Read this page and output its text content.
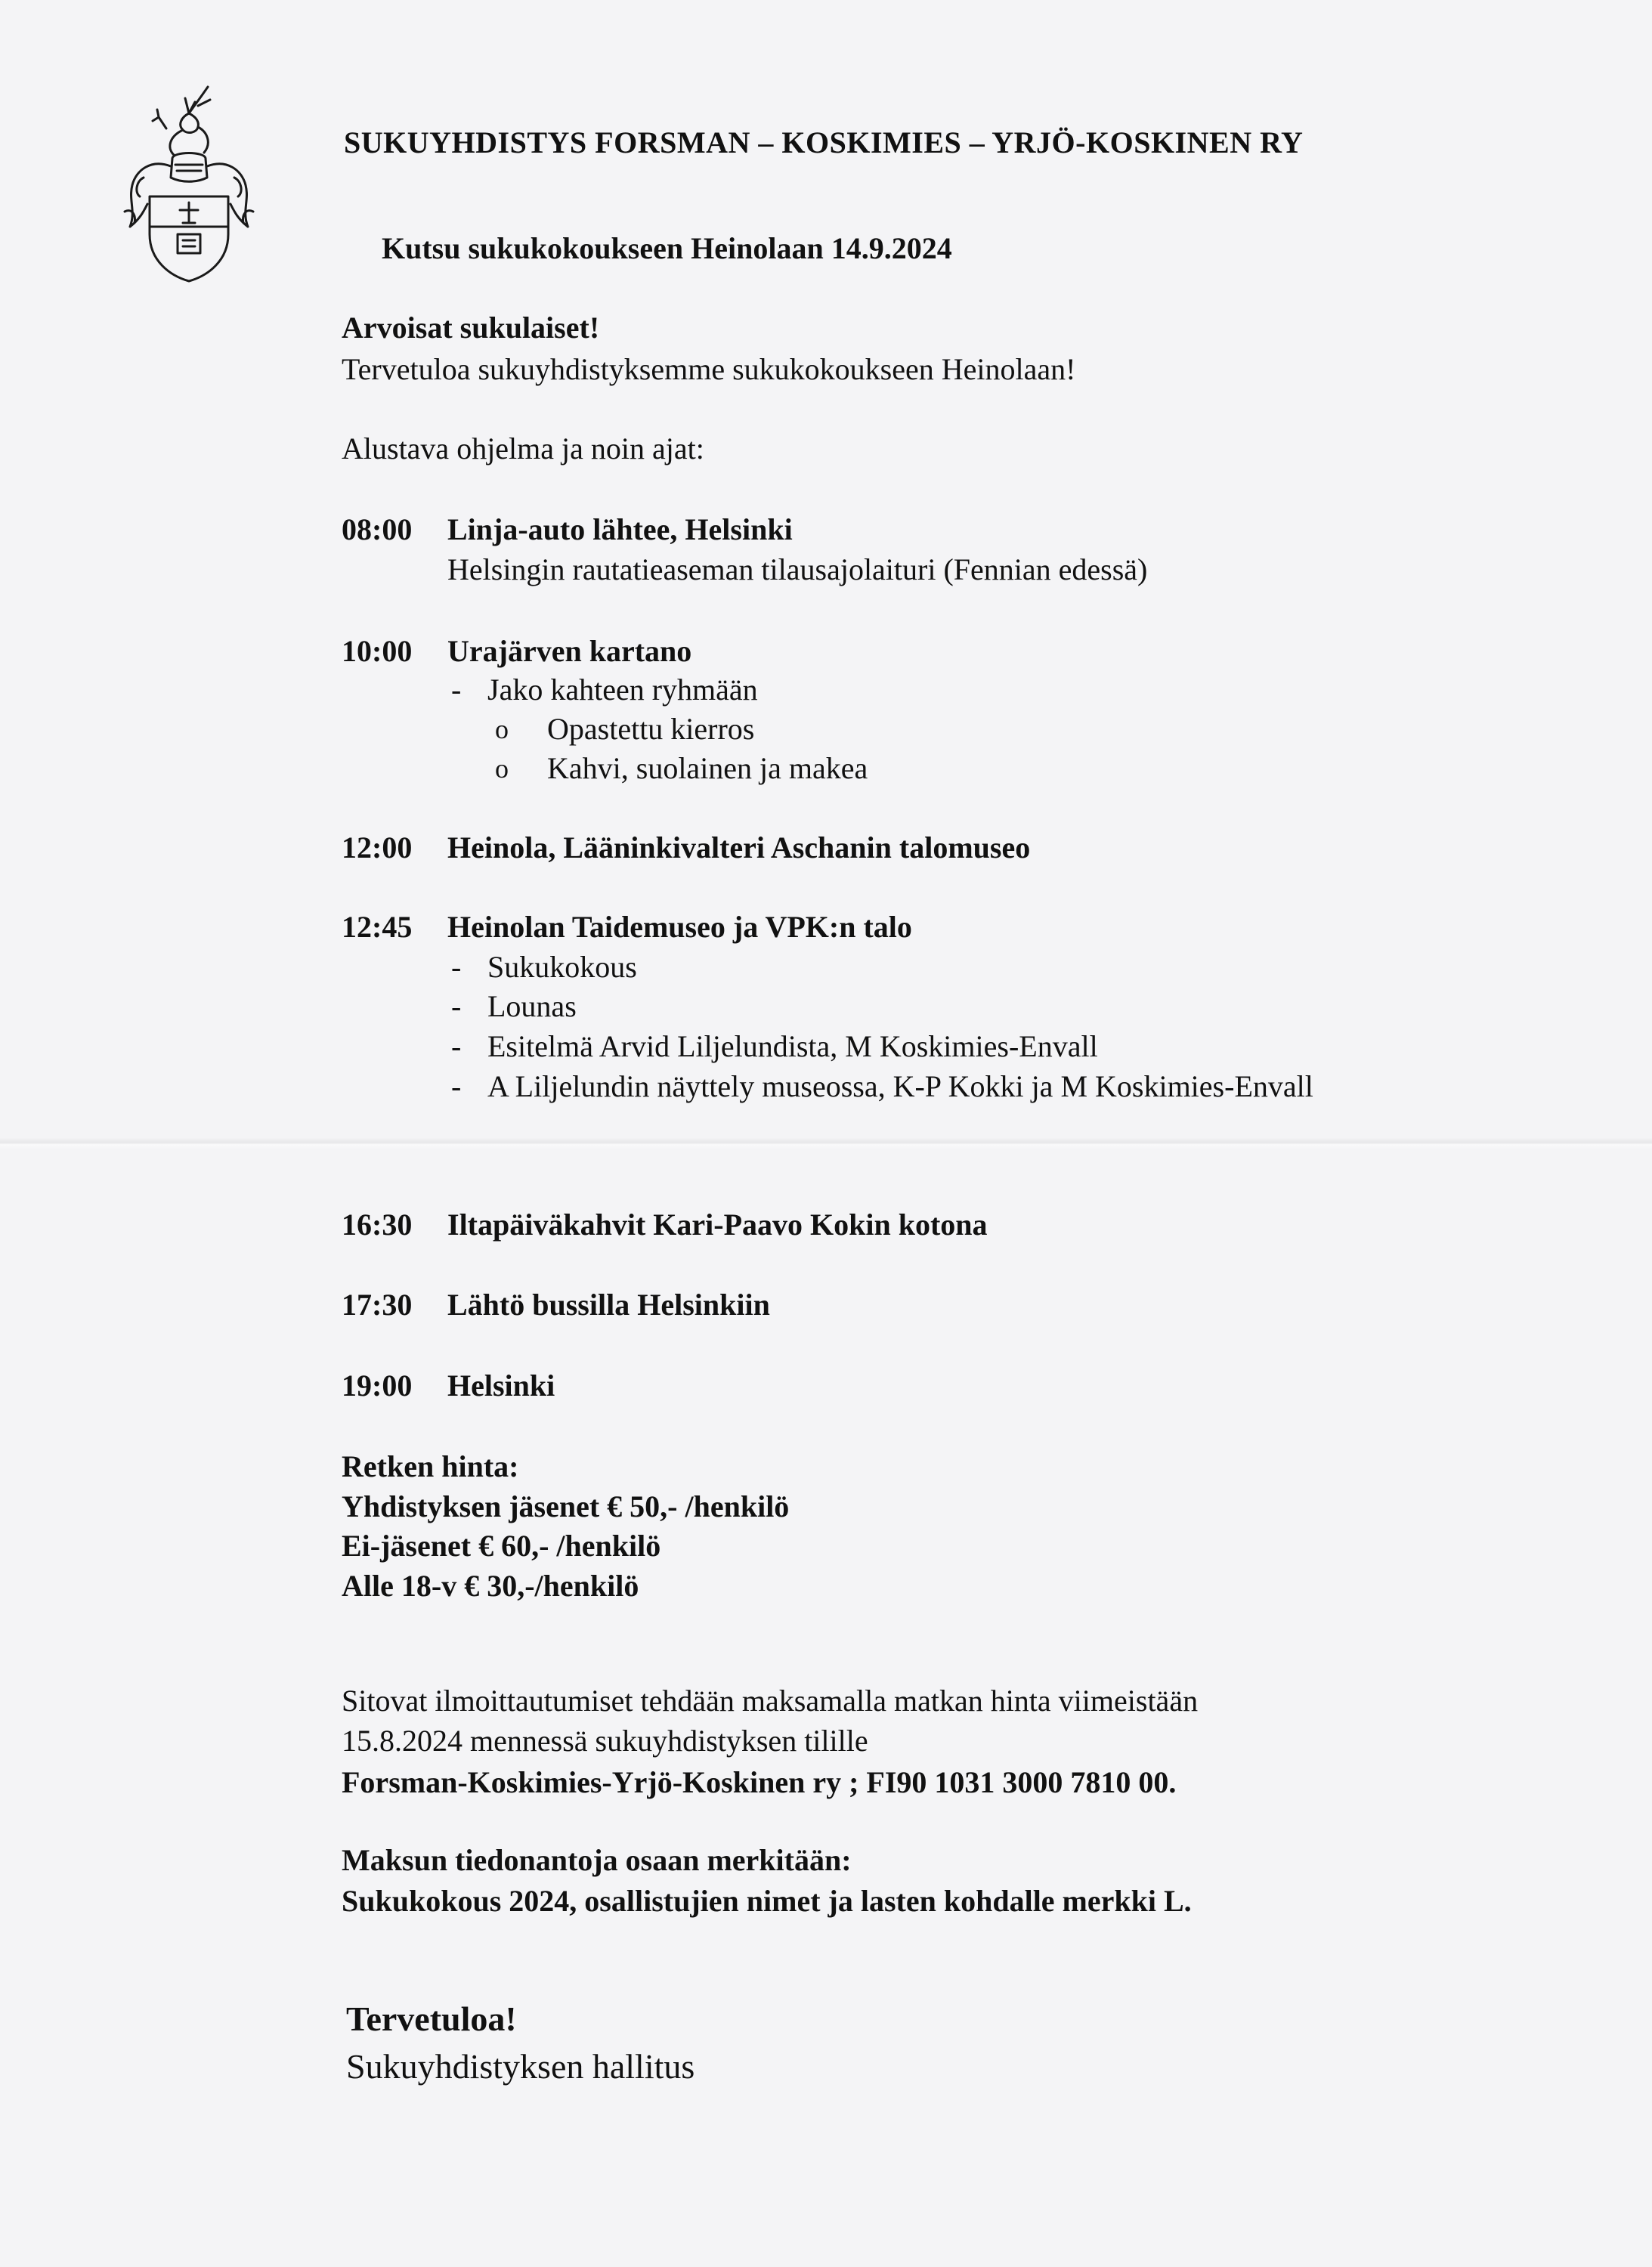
SUKUYHDISTYS FORSMAN – KOSKIMIES – YRJÖ-KOSKINEN RY
Kutsu sukukokoukseen Heinolaan 14.9.2024
Arvoisat sukulaiset!
Tervetuloa sukuyhdistyksemme sukukokoukseen Heinolaan!
Alustava ohjelma ja noin ajat:
08:00 Linja-auto lähtee, Helsinki
Helsingin rautatieaseman tilausajolaituri (Fennian edessä)
10:00 Urajärven kartano
- Jako kahteen ryhmään
o Opastettu kierros
o Kahvi, suolainen ja makea
12:00 Heinola, Lääninkivalteri Aschanin talomuseo
12:45 Heinolan Taidemuseo ja VPK:n talo
- Sukukokous
- Lounas
- Esitelmä Arvid Liljelundista, M Koskimies-Envall
- A Liljelundin näyttely museossa, K-P Kokki ja M Koskimies-Envall
16:30 Iltapäiväkahvit Kari-Paavo Kokin kotona
17:30 Lähtö bussilla Helsinkiin
19:00 Helsinki
Retken hinta:
Yhdistyksen jäsenet € 50,- /henkilö
Ei-jäsenet € 60,- /henkilö
Alle 18-v € 30,-/henkilö
Sitovat ilmoittautumiset tehdään maksamalla matkan hinta viimeistään
15.8.2024 mennessä sukuyhdistyksen tilille
Forsman-Koskimies-Yrjö-Koskinen ry ; FI90 1031 3000 7810 00.
Maksun tiedonantoja osaan merkitään:
Sukukokous 2024, osallistujien nimet ja lasten kohdalle merkki L.
Tervetuloa!
Sukuyhdistyksen hallitus
